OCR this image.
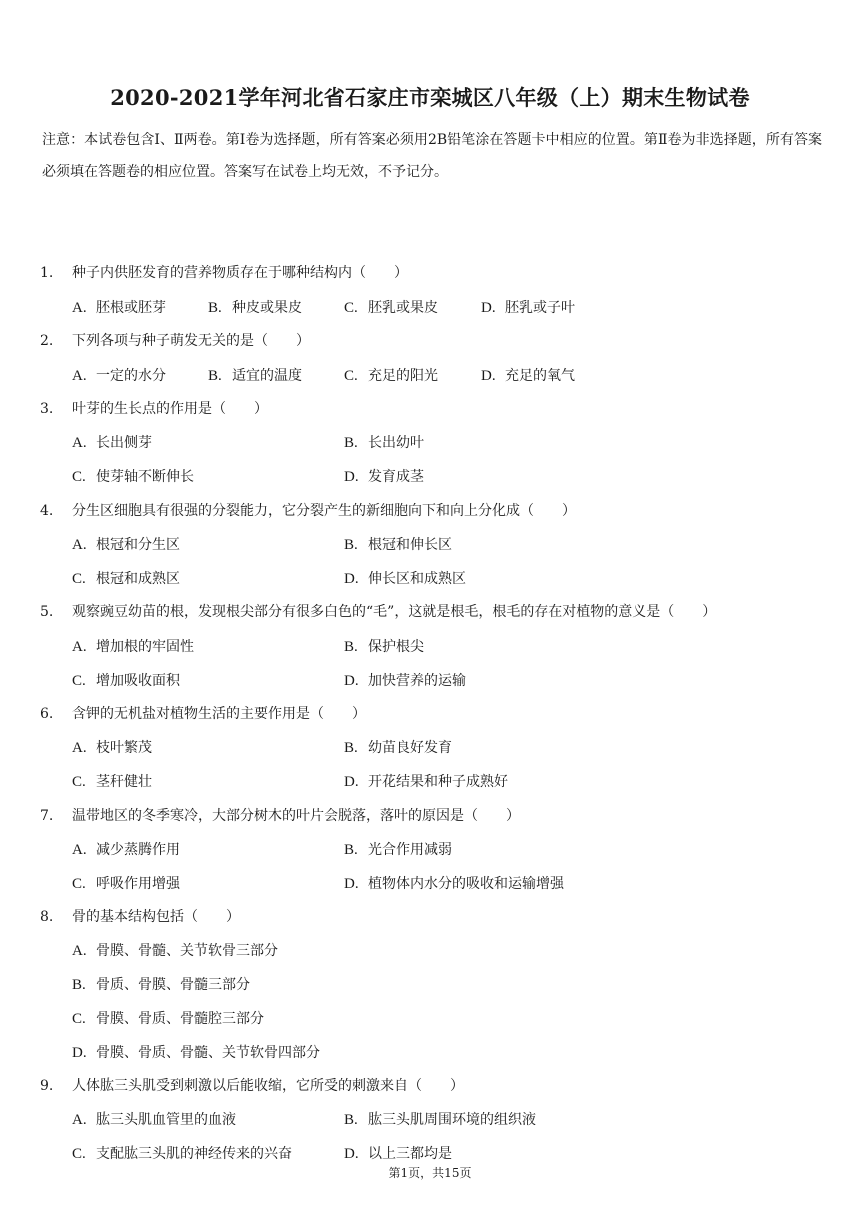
2020-2021学年河北省石家庄市栾城区八年级（上）期末生物试卷
注意：本试卷包含Ⅰ、Ⅱ两卷。第Ⅰ卷为选择题，所有答案必须用2B铅笔涂在答题卡中相应的位置。第Ⅱ卷为非选择题，所有答案必须填在答题卷的相应位置。答案写在试卷上均无效，不予记分。
1. 种子内供胚发育的营养物质存在于哪种结构内（　　）
A. 胚根或胚芽	B. 种皮或果皮	C. 胚乳或果皮	D. 胚乳或子叶
2. 下列各项与种子萌发无关的是（　　）
A. 一定的水分	B. 适宜的温度	C. 充足的阳光	D. 充足的氧气
3. 叶芽的生长点的作用是（　　）
A. 长出侧芽	B. 长出幼叶
C. 使芽轴不断伸长	D. 发育成茎
4. 分生区细胞具有很强的分裂能力，它分裂产生的新细胞向下和向上分化成（　　）
A. 根冠和分生区	B. 根冠和伸长区
C. 根冠和成熟区	D. 伸长区和成熟区
5. 观察豌豆幼苗的根，发现根尖部分有很多白色的“毛”，这就是根毛，根毛的存在对植物的意义是（　　）
A. 增加根的牢固性	B. 保护根尖
C. 增加吸收面积	D. 加快营养的运输
6. 含钾的无机盐对植物生活的主要作用是（　　）
A. 枝叶繁茂	B. 幼苗良好发育
C. 茎秆健壮	D. 开花结果和种子成熟好
7. 温带地区的冬季寒冷，大部分树木的叶片会脱落，落叶的原因是（　　）
A. 减少蒸腾作用	B. 光合作用减弱
C. 呼吸作用增强	D. 植物体内水分的吸收和运输增强
8. 骨的基本结构包括（　　）
A. 骨膜、骨髓、关节软骨三部分
B. 骨质、骨膜、骨髓三部分
C. 骨膜、骨质、骨髓腔三部分
D. 骨膜、骨质、骨髓、关节软骨四部分
9. 人体肱三头肌受到刺激以后能收缩，它所受的刺激来自（　　）
A. 肱三头肌血管里的血液	B. 肱三头肌周围环境的组织液
C. 支配肱三头肌的神经传来的兴奋	D. 以上三都均是
第1页，共15页
